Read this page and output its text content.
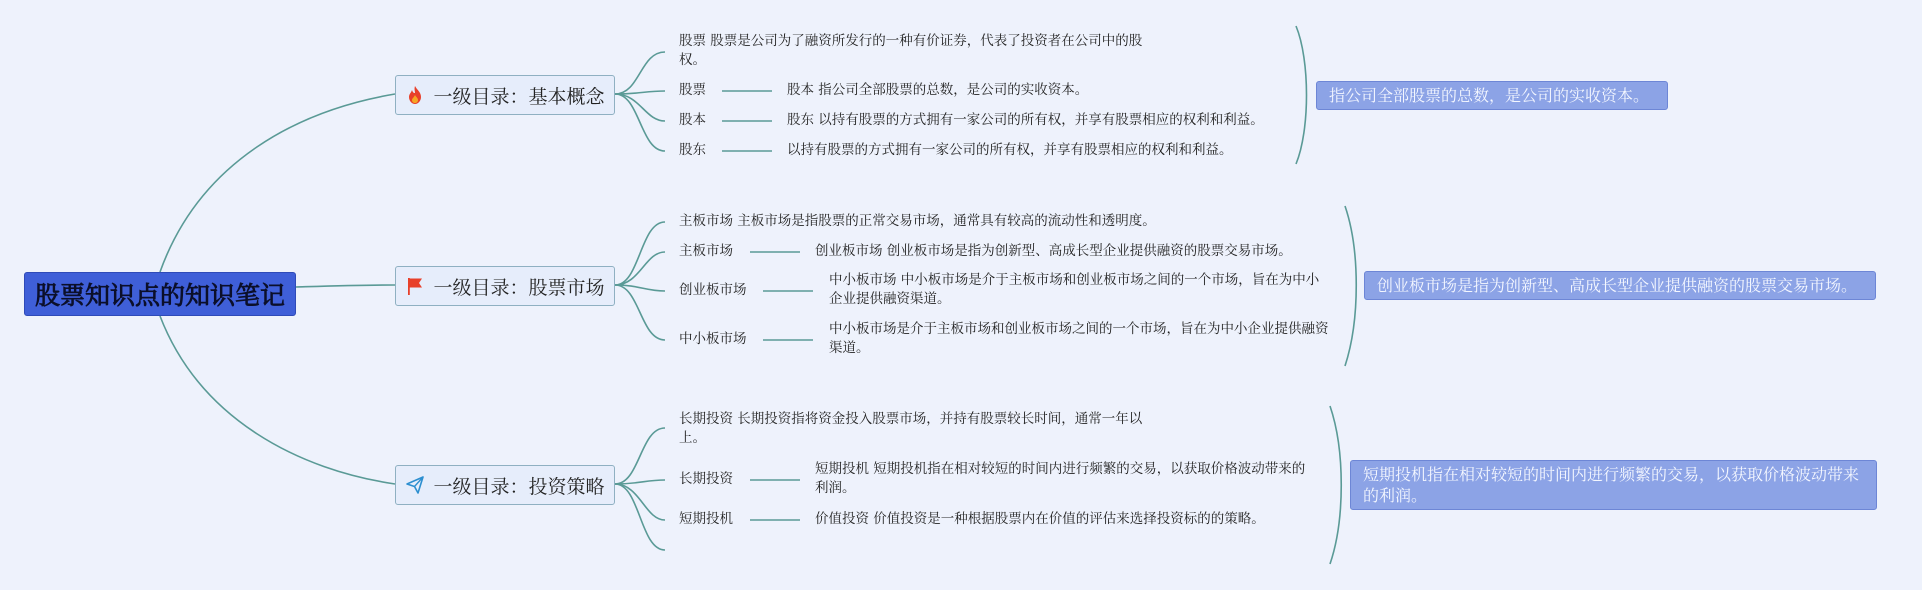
股票知识点的知识笔记
一级目录：基本概念
股票 股票是公司为了融资所发行的一种有价证券，代表了投资者在公司中的股权。
股票	股本 指公司全部股票的总数，是公司的实收资本。
股本	股东 以持有股票的方式拥有一家公司的所有权，并享有股票相应的权利和利益。
股东	以持有股票的方式拥有一家公司的所有权，并享有股票相应的权利和利益。
指公司全部股票的总数，是公司的实收资本。
一级目录：股票市场
主板市场 主板市场是指股票的正常交易市场，通常具有较高的流动性和透明度。
主板市场	创业板市场 创业板市场是指为创新型、高成长型企业提供融资的股票交易市场。
创业板市场
中小板市场 中小板市场是介于主板市场和创业板市场之间的一个市场，旨在为中小企业提供融资渠道。
中小板市场
中小板市场是介于主板市场和创业板市场之间的一个市场，旨在为中小企业提供融资渠道。
创业板市场是指为创新型、高成长型企业提供融资的股票交易市场。
一级目录：投资策略
长期投资 长期投资指将资金投入股票市场，并持有股票较长时间，通常一年以上。
长期投资
短期投机 短期投机指在相对较短的时间内进行频繁的交易，以获取价格波动带来的利润。
短期投机	价值投资 价值投资是一种根据股票内在价值的评估来选择投资标的的策略。
短期投机指在相对较短的时间内进行频繁的交易，以获取价格波动带来的利润。
